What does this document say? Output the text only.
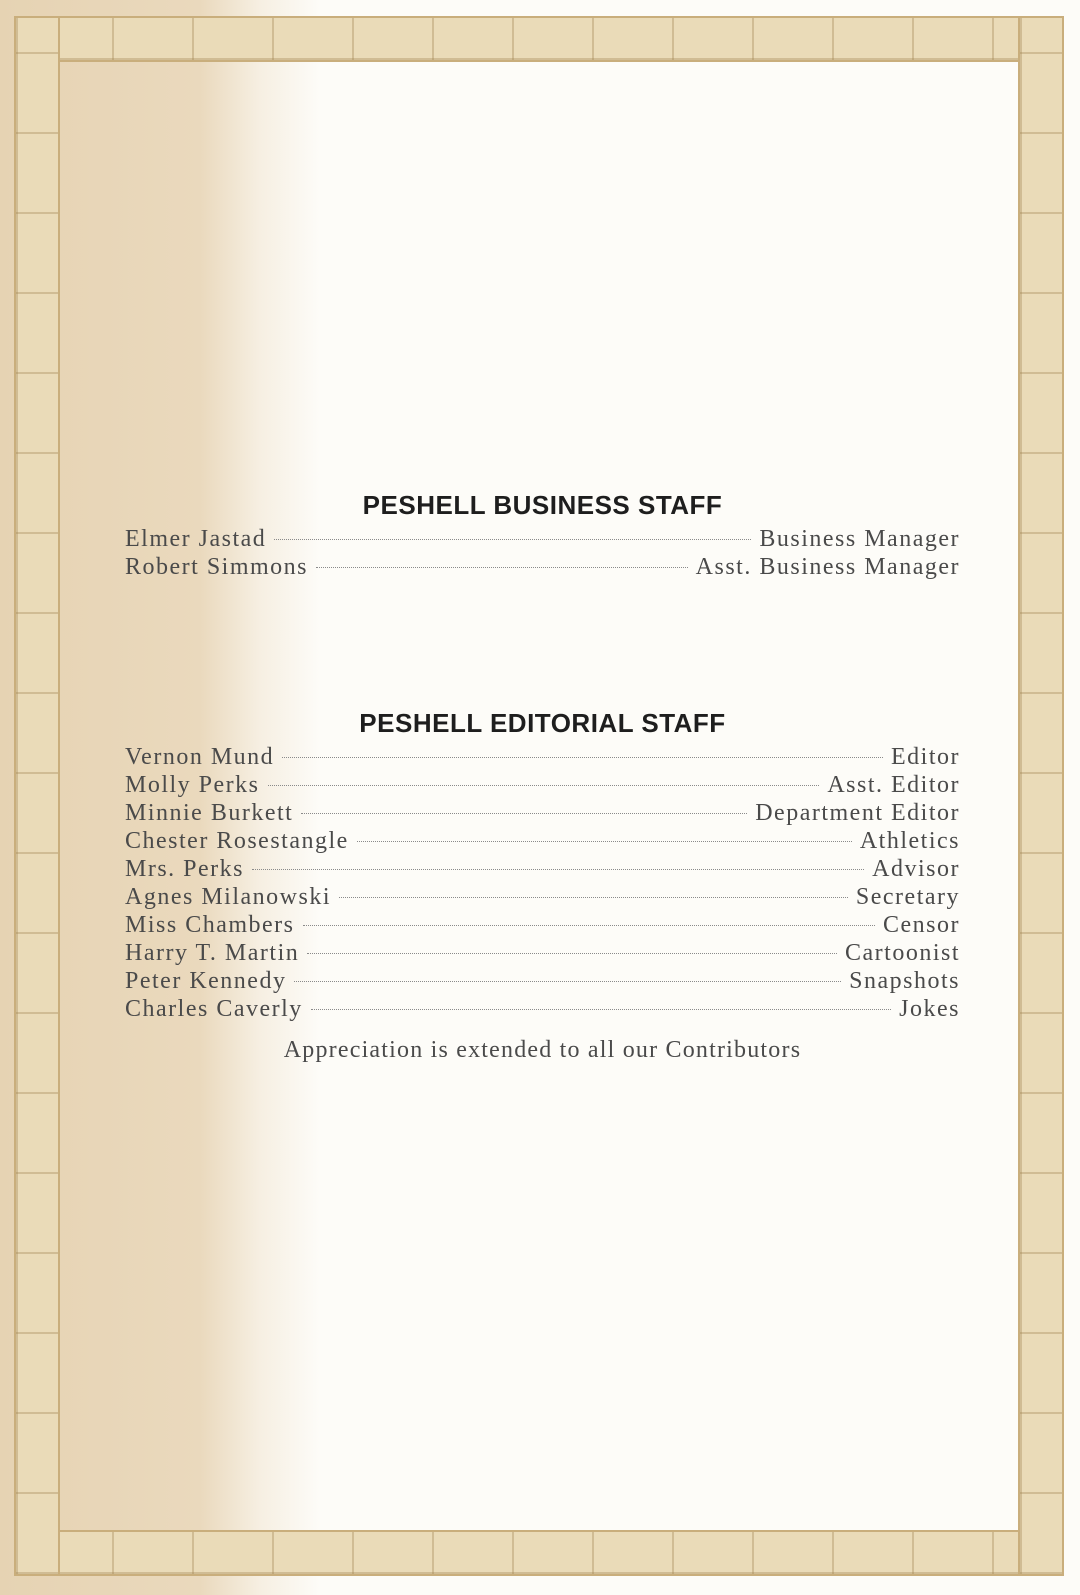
PESHELL BUSINESS STAFF
Elmer Jastad	Business Manager
Robert Simmons	Asst. Business Manager
PESHELL EDITORIAL STAFF
Vernon Mund	Editor
Molly Perks	Asst. Editor
Minnie Burkett	Department Editor
Chester Rosestangle	Athletics
Mrs. Perks	Advisor
Agnes Milanowski	Secretary
Miss Chambers	Censor
Harry T. Martin	Cartoonist
Peter Kennedy	Snapshots
Charles Caverly	Jokes
Appreciation is extended to all our Contributors
